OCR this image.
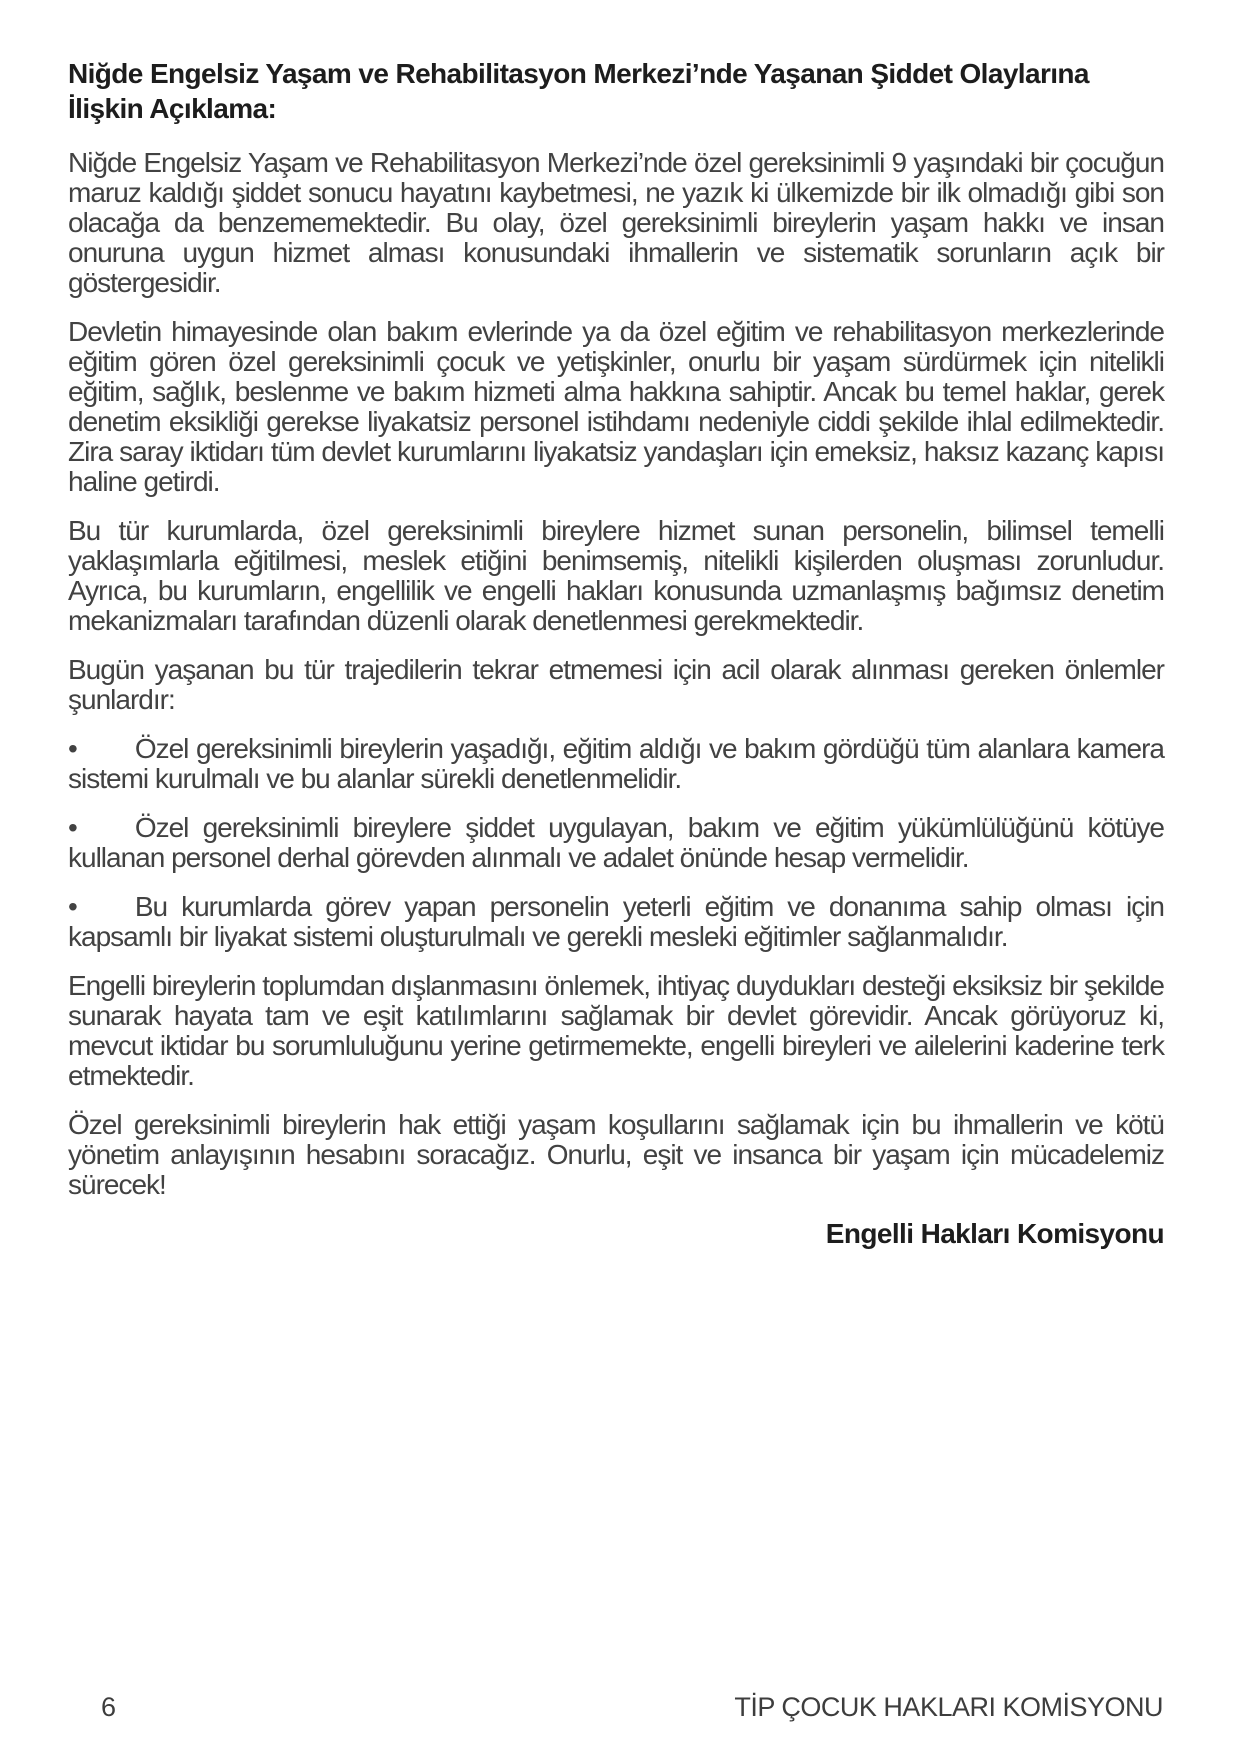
Niğde Engelsiz Yaşam ve Rehabilitasyon Merkezi’nde Yaşanan Şiddet Olaylarına İlişkin Açıklama:

Niğde Engelsiz Yaşam ve Rehabilitasyon Merkezi’nde özel gereksinimli 9 yaşındaki bir çocuğun maruz kaldığı şiddet sonucu hayatını kaybetmesi, ne yazık ki ülkemizde bir ilk olmadığı gibi son olacağa da benzememektedir. Bu olay, özel gereksinimli bireylerin yaşam hakkı ve insan onuruna uygun hizmet alması konusundaki ihmallerin ve sistematik sorunların açık bir göstergesidir.

Devletin himayesinde olan bakım evlerinde ya da özel eğitim ve rehabilitasyon merkezlerinde eğitim gören özel gereksinimli çocuk ve yetişkinler, onurlu bir yaşam sürdürmek için nitelikli eğitim, sağlık, beslenme ve bakım hizmeti alma hakkına sahiptir. Ancak bu temel haklar, gerek denetim eksikliği gerekse liyakatsiz personel istihdamı nedeniyle ciddi şekilde ihlal edilmektedir. Zira saray iktidarı tüm devlet kurumlarını liyakatsiz yandaşları için emeksiz, haksız kazanç kapısı haline getirdi.

Bu tür kurumlarda, özel gereksinimli bireylere hizmet sunan personelin, bilimsel temelli yaklaşımlarla eğitilmesi, meslek etiğini benimsemiş, nitelikli kişilerden oluşması zorunludur. Ayrıca, bu kurumların, engellilik ve engelli hakları konusunda uzmanlaşmış bağımsız denetim mekanizmaları tarafından düzenli olarak denetlenmesi gerekmektedir.

Bugün yaşanan bu tür trajedilerin tekrar etmemesi için acil olarak alınması gereken önlemler şunlardır:

• Özel gereksinimli bireylerin yaşadığı, eğitim aldığı ve bakım gördüğü tüm alanlara kamera sistemi kurulmalı ve bu alanlar sürekli denetlenmelidir.

• Özel gereksinimli bireylere şiddet uygulayan, bakım ve eğitim yükümlülüğünü kötüye kullanan personel derhal görevden alınmalı ve adalet önünde hesap vermelidir.

• Bu kurumlarda görev yapan personelin yeterli eğitim ve donanıma sahip olması için kapsamlı bir liyakat sistemi oluşturulmalı ve gerekli mesleki eğitimler sağlanmalıdır.

Engelli bireylerin toplumdan dışlanmasını önlemek, ihtiyaç duydukları desteği eksiksiz bir şekilde sunarak hayata tam ve eşit katılımlarını sağlamak bir devlet görevidir. Ancak görüyoruz ki, mevcut iktidar bu sorumluluğunu yerine getirmemekte, engelli bireyleri ve ailelerini kaderine terk etmektedir.

Özel gereksinimli bireylerin hak ettiği yaşam koşullarını sağlamak için bu ihmallerin ve kötü yönetim anlayışının hesabını soracağız. Onurlu, eşit ve insanca bir yaşam için mücadelemiz sürecek!

Engelli Hakları Komisyonu

6	TİP ÇOCUK HAKLARI KOMİSYONU
